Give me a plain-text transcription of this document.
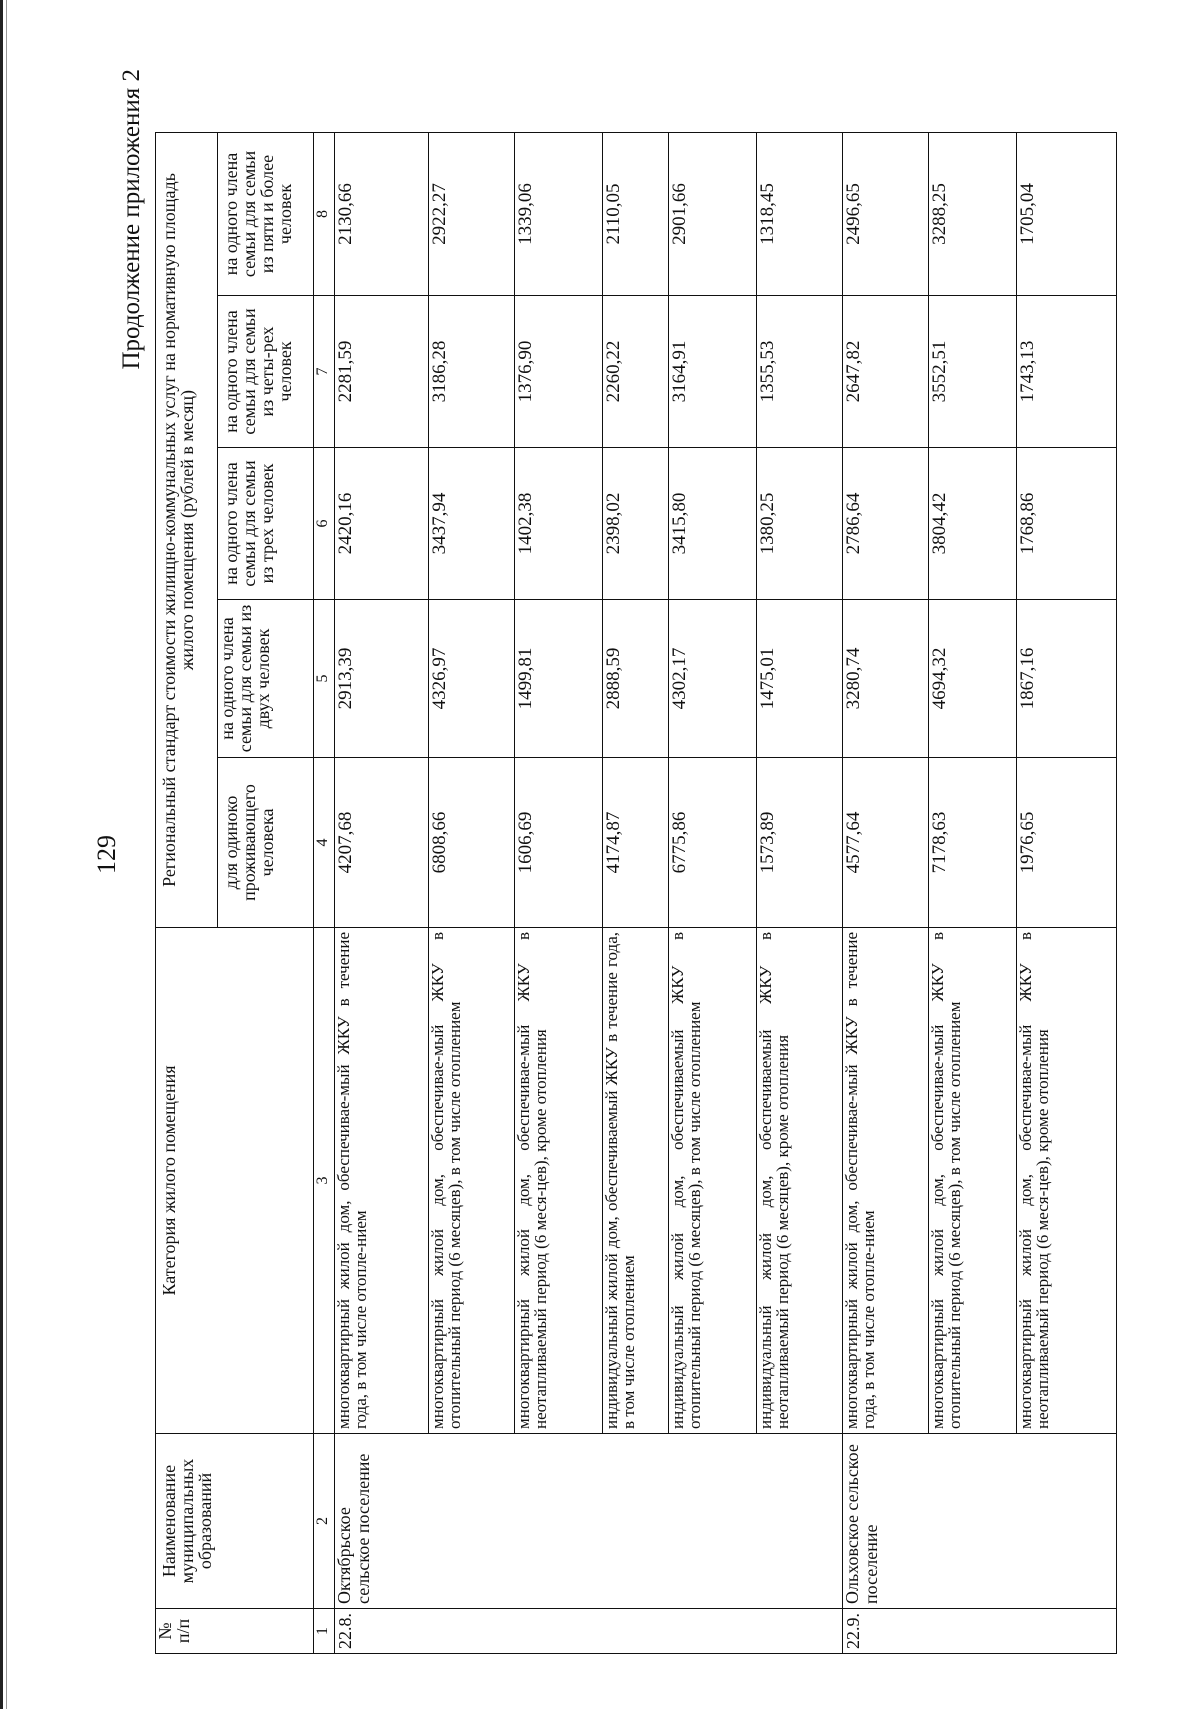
129
Продолжение приложения 2
№ п/п	Наименование муниципальных образований	Категория жилого помещения	Региональный стандарт стоимости жилищно-коммунальных услуг на нормативную площадь жилого помещения (рублей в месяц)				
			для одиноко проживающего человека	на одного члена семьи для семьи из двух человек	на одного члена семьи для семьи из трех человек	на одного члена семьи для семьи из четы-рех человек	на одного члена семьи для семьи из пяти и более человек
1	2	3	4	5	6	7	8
22.8.	Октябрьское сельское поселение	многоквартирный жилой дом, обеспечивае-мый ЖКУ в течение года, в том числе отопле-нием	4207,68	2913,39	2420,16	2281,59	2130,66
		многоквартирный жилой дом, обеспечивае-мый ЖКУ в отопительный период (6 месяцев), в том числе отоплением	6808,66	4326,97	3437,94	3186,28	2922,27
		многоквартирный жилой дом, обеспечивае-мый ЖКУ в неотапливаемый период (6 меся-цев), кроме отопления	1606,69	1499,81	1402,38	1376,90	1339,06
		индивидуальный жилой дом, обеспечиваемый ЖКУ в течение года, в том числе отоплением	4174,87	2888,59	2398,02	2260,22	2110,05
		индивидуальный жилой дом, обеспечиваемый ЖКУ в отопительный период (6 месяцев), в том числе отоплением	6775,86	4302,17	3415,80	3164,91	2901,66
		индивидуальный жилой дом, обеспечиваемый ЖКУ в неотапливаемый период (6 месяцев), кроме отопления	1573,89	1475,01	1380,25	1355,53	1318,45
22.9.	Ольховское сельское поселение	многоквартирный жилой дом, обеспечивае-мый ЖКУ в течение года, в том числе отопле-нием	4577,64	3280,74	2786,64	2647,82	2496,65
		многоквартирный жилой дом, обеспечивае-мый ЖКУ в отопительный период (6 месяцев), в том числе отоплением	7178,63	4694,32	3804,42	3552,51	3288,25
		многоквартирный жилой дом, обеспечивае-мый ЖКУ в неотапливаемый период (6 меся-цев), кроме отопления	1976,65	1867,16	1768,86	1743,13	1705,04
